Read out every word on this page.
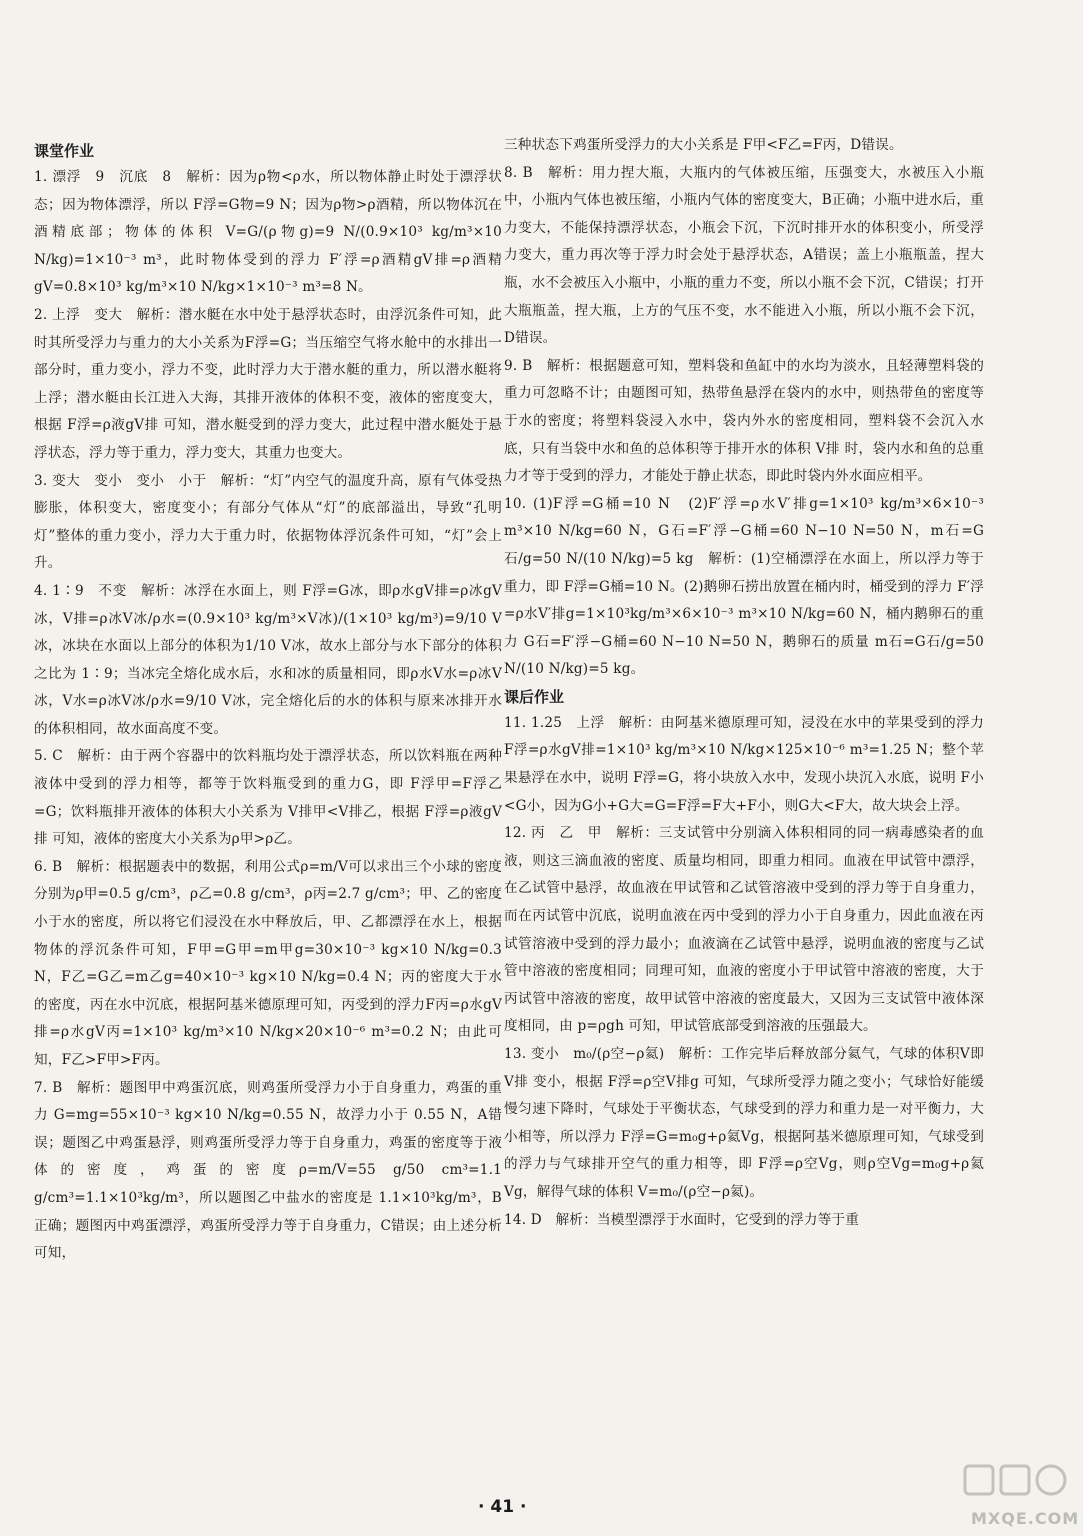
课堂作业

1. 漂浮　9　沉底　8　解析：因为ρ物<ρ水，所以物体静止时处于漂浮状态；因为物体漂浮，所以 F浮=G物=9 N；因为ρ物>ρ酒精，所以物体沉在酒精底部；物体的体积 V=G/(ρ物g)=9 N/(0.9×10³ kg/m³×10 N/kg)=1×10⁻³ m³，此时物体受到的浮力 F′浮=ρ酒精gV排=ρ酒精gV=0.8×10³ kg/m³×10 N/kg×1×10⁻³ m³=8 N。

2. 上浮　变大　解析：潜水艇在水中处于悬浮状态时，由浮沉条件可知，此时其所受浮力与重力的大小关系为F浮=G；当压缩空气将水舱中的水排出一部分时，重力变小，浮力不变，此时浮力大于潜水艇的重力，所以潜水艇将上浮；潜水艇由长江进入大海，其排开液体的体积不变，液体的密度变大，根据 F浮=ρ液gV排 可知，潜水艇受到的浮力变大，此过程中潜水艇处于悬浮状态，浮力等于重力，浮力变大，其重力也变大。

3. 变大　变小　变小　小于　解析：“灯”内空气的温度升高，原有气体受热膨胀，体积变大，密度变小；有部分气体从“灯”的底部溢出，导致“孔明灯”整体的重力变小，浮力大于重力时，依据物体浮沉条件可知，“灯”会上升。

4. 1∶9　不变　解析：冰浮在水面上，则 F浮=G冰，即ρ水gV排=ρ冰gV冰，V排=ρ冰V冰/ρ水=(0.9×10³ kg/m³×V冰)/(1×10³ kg/m³)=9/10 V冰，冰块在水面以上部分的体积为1/10 V冰，故水上部分与水下部分的体积之比为 1∶9；当冰完全熔化成水后，水和冰的质量相同，即ρ水V水=ρ冰V冰，V水=ρ冰V冰/ρ水=9/10 V冰，完全熔化后的水的体积与原来冰排开水的体积相同，故水面高度不变。

5. C　解析：由于两个容器中的饮料瓶均处于漂浮状态，所以饮料瓶在两种液体中受到的浮力相等，都等于饮料瓶受到的重力G，即 F浮甲=F浮乙=G；饮料瓶排开液体的体积大小关系为 V排甲<V排乙，根据 F浮=ρ液gV排 可知，液体的密度大小关系为ρ甲>ρ乙。

6. B　解析：根据题表中的数据，利用公式ρ=m/V可以求出三个小球的密度分别为ρ甲=0.5 g/cm³，ρ乙=0.8 g/cm³，ρ丙=2.7 g/cm³；甲、乙的密度小于水的密度，所以将它们浸没在水中释放后，甲、乙都漂浮在水上，根据物体的浮沉条件可知，F甲=G甲=m甲g=30×10⁻³ kg×10 N/kg=0.3 N，F乙=G乙=m乙g=40×10⁻³ kg×10 N/kg=0.4 N；丙的密度大于水的密度，丙在水中沉底，根据阿基米德原理可知，丙受到的浮力F丙=ρ水gV排=ρ水gV丙=1×10³ kg/m³×10 N/kg×20×10⁻⁶ m³=0.2 N；由此可知，F乙>F甲>F丙。

7. B　解析：题图甲中鸡蛋沉底，则鸡蛋所受浮力小于自身重力，鸡蛋的重力 G=mg=55×10⁻³ kg×10 N/kg=0.55 N，故浮力小于 0.55 N，A错误；题图乙中鸡蛋悬浮，则鸡蛋所受浮力等于自身重力，鸡蛋的密度等于液体的密度，鸡蛋的密度ρ=m/V=55 g/50 cm³=1.1 g/cm³=1.1×10³kg/m³，所以题图乙中盐水的密度是 1.1×10³kg/m³，B正确；题图丙中鸡蛋漂浮，鸡蛋所受浮力等于自身重力，C错误；由上述分析可知，

三种状态下鸡蛋所受浮力的大小关系是 F甲<F乙=F丙，D错误。

8. B　解析：用力捏大瓶，大瓶内的气体被压缩，压强变大，水被压入小瓶中，小瓶内气体也被压缩，小瓶内气体的密度变大，B正确；小瓶中进水后，重力变大，不能保持漂浮状态，小瓶会下沉，下沉时排开水的体积变小，所受浮力变大，重力再次等于浮力时会处于悬浮状态，A错误；盖上小瓶瓶盖，捏大瓶，水不会被压入小瓶中，小瓶的重力不变，所以小瓶不会下沉，C错误；打开大瓶瓶盖，捏大瓶，上方的气压不变，水不能进入小瓶，所以小瓶不会下沉，D错误。

9. B　解析：根据题意可知，塑料袋和鱼缸中的水均为淡水，且轻薄塑料袋的重力可忽略不计；由题图可知，热带鱼悬浮在袋内的水中，则热带鱼的密度等于水的密度；将塑料袋浸入水中，袋内外水的密度相同，塑料袋不会沉入水底，只有当袋中水和鱼的总体积等于排开水的体积 V排 时，袋内水和鱼的总重力才等于受到的浮力，才能处于静止状态，即此时袋内外水面应相平。

10. (1)F浮=G桶=10 N　(2)F′浮=ρ水V′排g=1×10³ kg/m³×6×10⁻³ m³×10 N/kg=60 N，G石=F′浮−G桶=60 N−10 N=50 N，m石=G石/g=50 N/(10 N/kg)=5 kg　解析：(1)空桶漂浮在水面上，所以浮力等于重力，即 F浮=G桶=10 N。(2)鹅卵石捞出放置在桶内时，桶受到的浮力 F′浮=ρ水V′排g=1×10³kg/m³×6×10⁻³ m³×10 N/kg=60 N，桶内鹅卵石的重力 G石=F′浮−G桶=60 N−10 N=50 N，鹅卵石的质量 m石=G石/g=50 N/(10 N/kg)=5 kg。

课后作业

11. 1.25　上浮　解析：由阿基米德原理可知，浸没在水中的苹果受到的浮力 F浮=ρ水gV排=1×10³ kg/m³×10 N/kg×125×10⁻⁶ m³=1.25 N；整个苹果悬浮在水中，说明 F浮=G，将小块放入水中，发现小块沉入水底，说明 F小<G小，因为G小+G大=G=F浮=F大+F小，则G大<F大，故大块会上浮。

12. 丙　乙　甲　解析：三支试管中分别滴入体积相同的同一病毒感染者的血液，则这三滴血液的密度、质量均相同，即重力相同。血液在甲试管中漂浮，在乙试管中悬浮，故血液在甲试管和乙试管溶液中受到的浮力等于自身重力，而在丙试管中沉底，说明血液在丙中受到的浮力小于自身重力，因此血液在丙试管溶液中受到的浮力最小；血液滴在乙试管中悬浮，说明血液的密度与乙试管中溶液的密度相同；同理可知，血液的密度小于甲试管中溶液的密度，大于丙试管中溶液的密度，故甲试管中溶液的密度最大，又因为三支试管中液体深度相同，由 p=ρgh 可知，甲试管底部受到溶液的压强最大。

13. 变小　m₀/(ρ空−ρ氦)　解析：工作完毕后释放部分氦气，气球的体积V即 V排 变小，根据 F浮=ρ空V排g 可知，气球所受浮力随之变小；气球恰好能缓慢匀速下降时，气球处于平衡状态，气球受到的浮力和重力是一对平衡力，大小相等，所以浮力 F浮=G=m₀g+ρ氦Vg，根据阿基米德原理可知，气球受到的浮力与气球排开空气的重力相等，即 F浮=ρ空Vg，则ρ空Vg=m₀g+ρ氦Vg，解得气球的体积 V=m₀/(ρ空−ρ氦)。

14. D　解析：当模型漂浮于水面时，它受到的浮力等于重

· 41 ·
MXQE.COM
